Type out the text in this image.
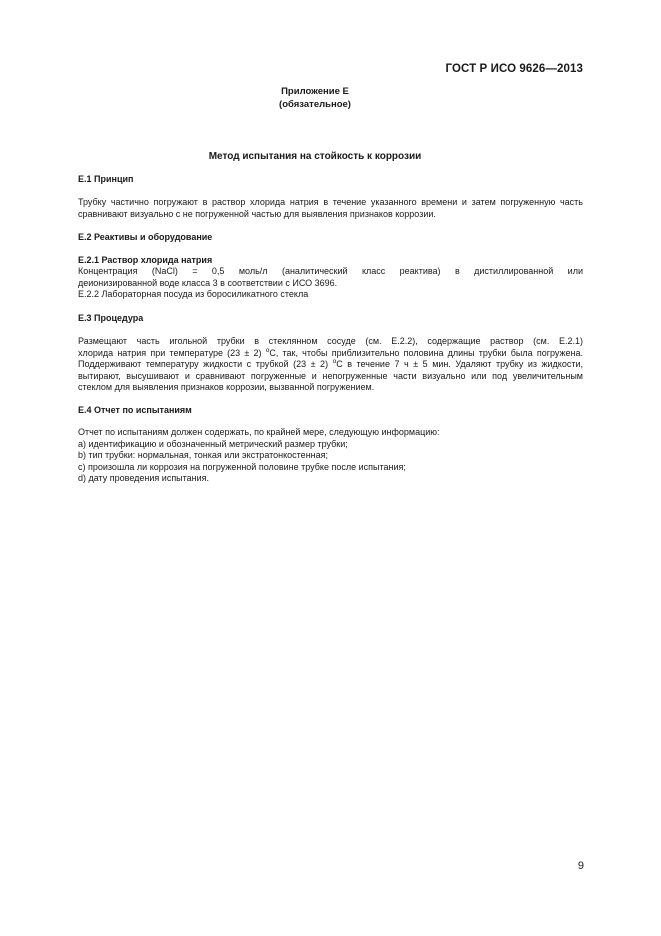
ГОСТ Р ИСО 9626—2013
Приложение Е
(обязательное)
Метод испытания на стойкость к коррозии
Е.1 Принцип

Трубку частично погружают в раствор хлорида натрия в течение указанного времени и затем погруженную часть сравнивают визуально с не погруженной частью для выявления признаков коррозии.

Е.2 Реактивы и оборудование
Е.2.1 Раствор хлорида натрия

Концентрация (NaCl) = 0,5 моль/л (аналитический класс реактива) в дистиллированной или

деионизированной воде класса 3 в соответствии с ИСО 3696.

Е.2.2 Лабораторная посуда из боросиликатного стекла

Е.3 Процедура

Размещают часть игольной трубки в стеклянном сосуде (см. Е.2.2), содержащие раствор (см. Е.2.1)

хлорида натрия при температуре (23 ± 2) $^о$С, так, чтобы приблизительно половина длины трубки была погружена.

Поддерживают температуру жидкости с трубкой (23 ± 2) $^о$С в течение 7 ч ± 5 мин. Удаляют трубку из жидкости,

вытирают, высушивают и сравнивают погруженные и непогруженные части визуально или под увеличительным

стеклом для выявления признаков коррозии, вызванной погружением.

Е.4 Отчет по испытаниям

Отчет по испытаниям должен содержать, по крайней мере, следующую информацию:

а) идентификацию и обозначенный метрический размер трубки;

b) тип трубки: нормальная, тонкая или экстратонкостенная;

c) произошла ли коррозия на погруженной половине трубке после испытания;

d) дату проведения испытания.

9
